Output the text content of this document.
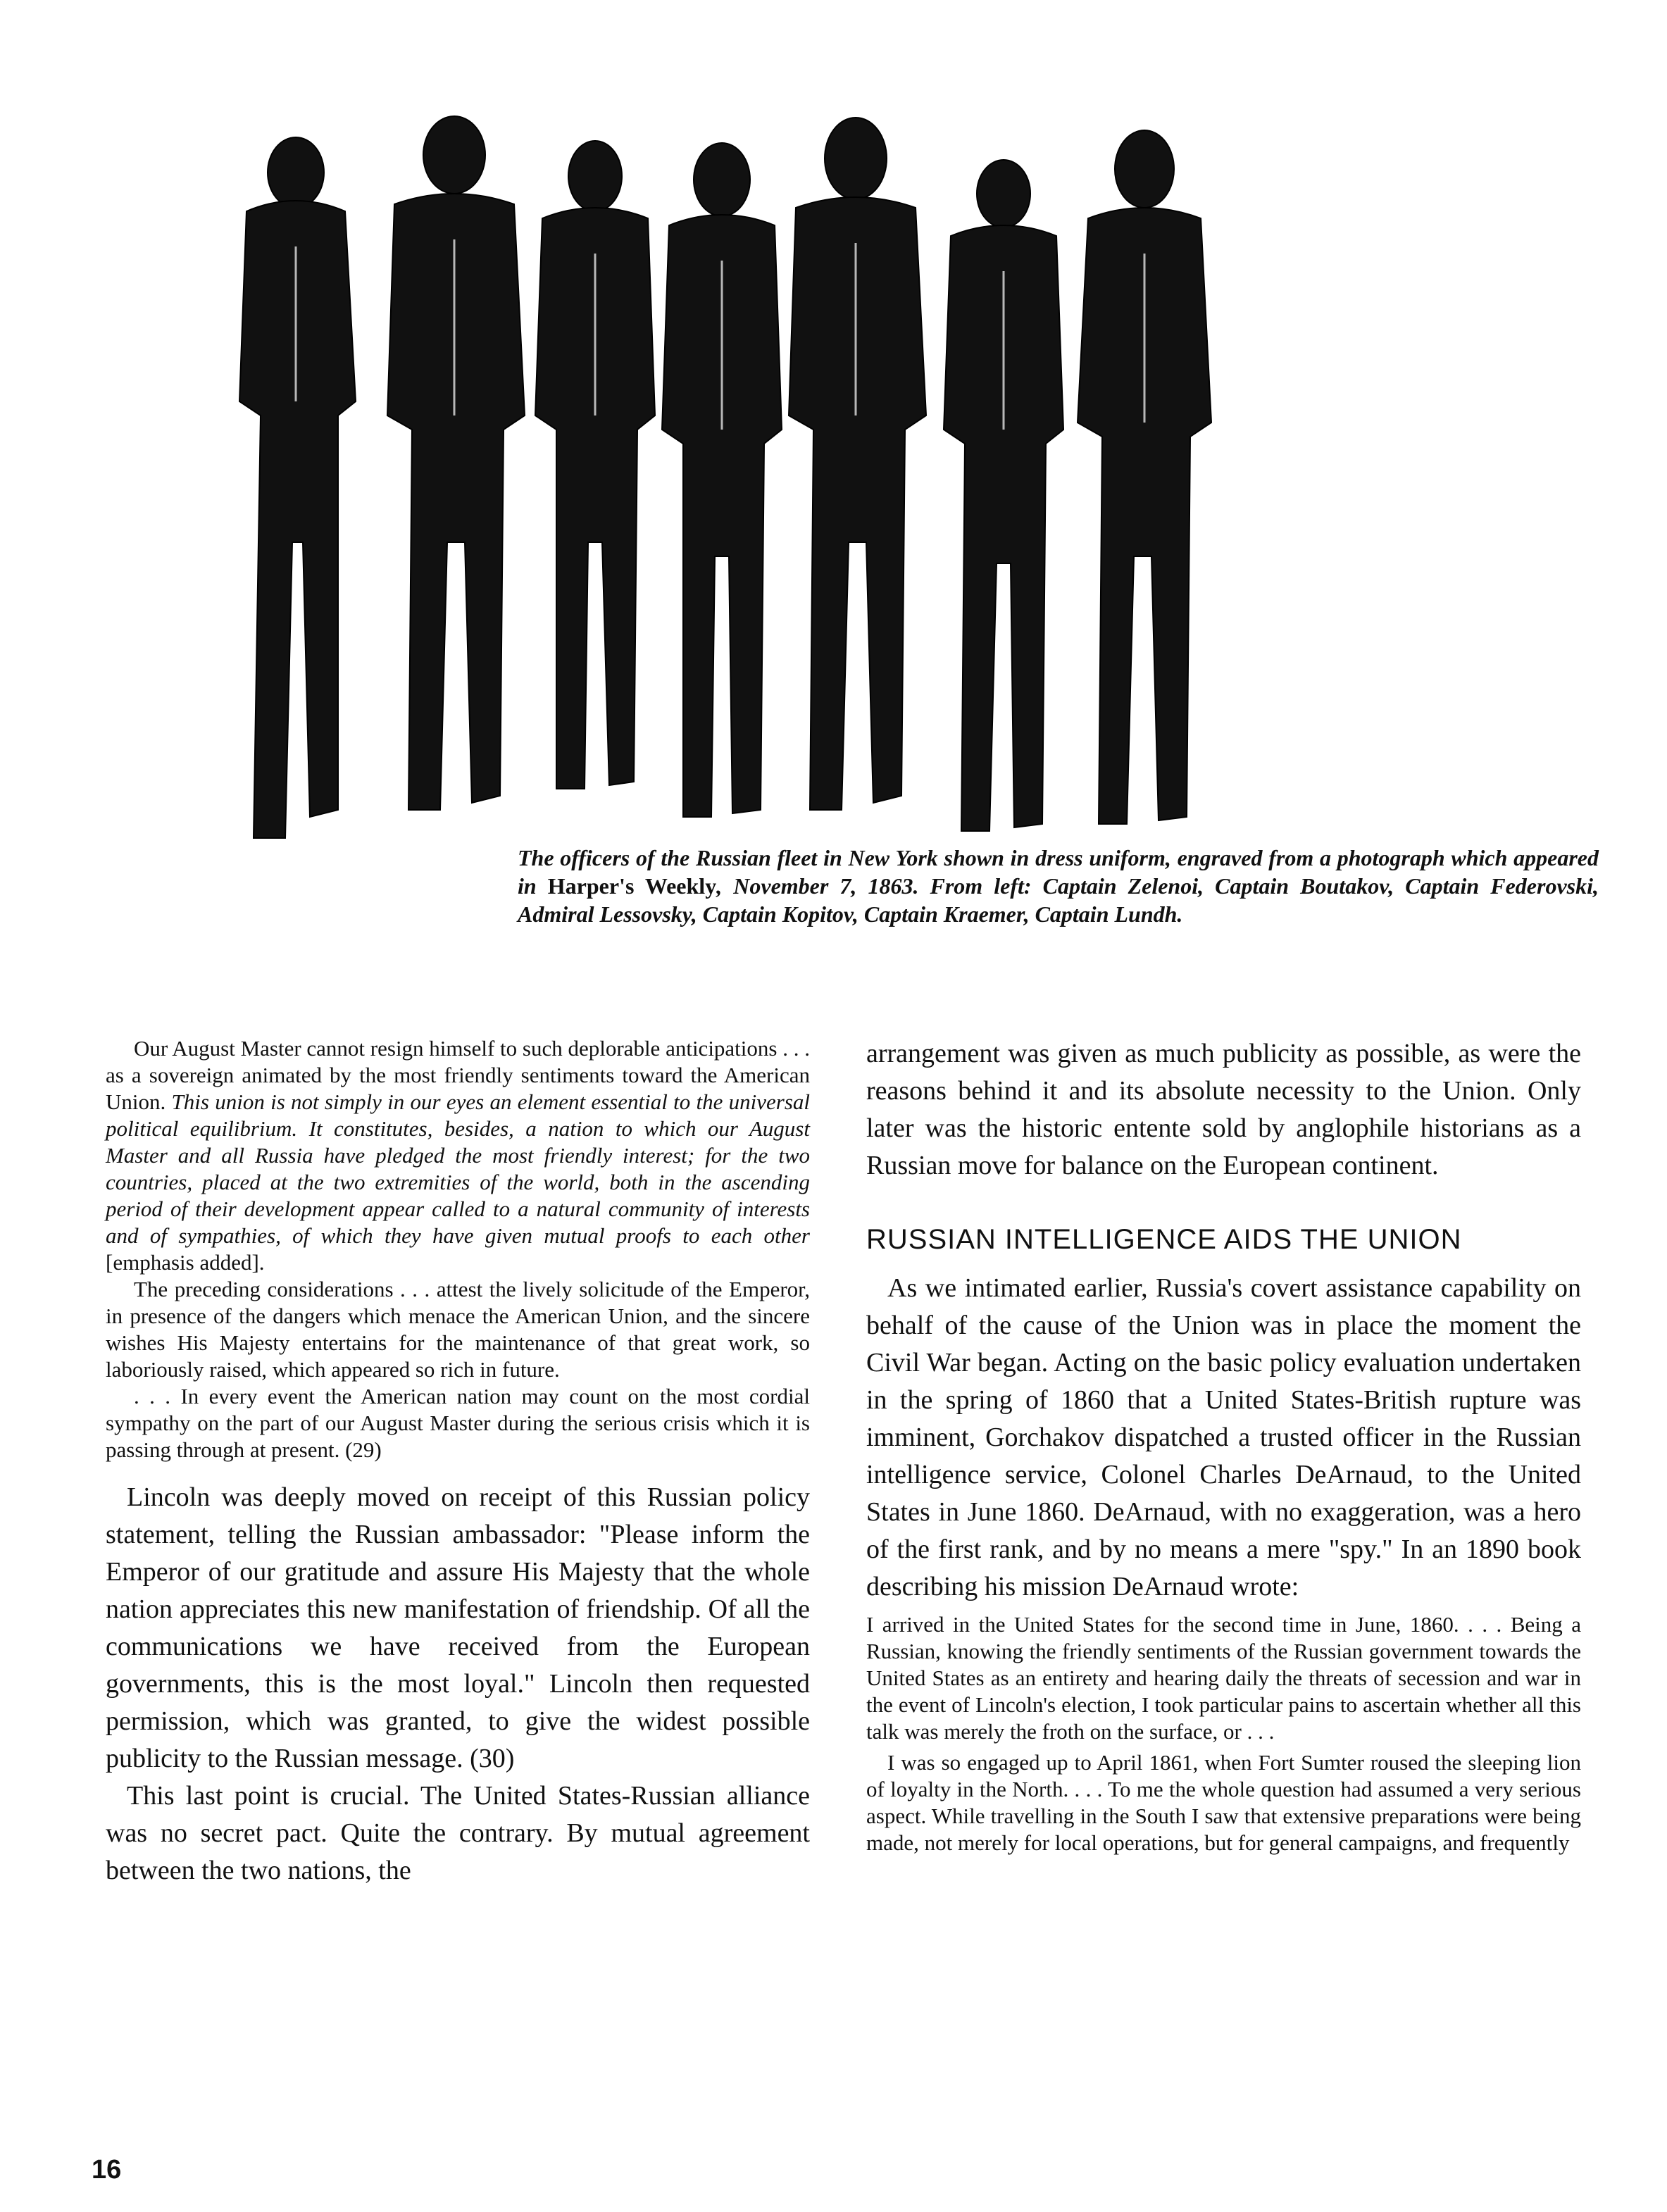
The officers of the Russian fleet in New York shown in dress uniform, engraved from a photograph which appeared in Harper's Weekly, November 7, 1863. From left: Captain Zelenoi, Captain Boutakov, Captain Federovski, Admiral Lessovsky, Captain Kopitov, Captain Kraemer, Captain Lundh.

Our August Master cannot resign himself to such deplorable anticipations . . . as a sovereign animated by the most friendly sentiments toward the American Union. This union is not simply in our eyes an element essential to the universal political equilibrium. It constitutes, besides, a nation to which our August Master and all Russia have pledged the most friendly interest; for the two countries, placed at the two extremities of the world, both in the ascending period of their development appear called to a natural community of interests and of sympathies, of which they have given mutual proofs to each other [emphasis added].

The preceding considerations . . . attest the lively solicitude of the Emperor, in presence of the dangers which menace the American Union, and the sincere wishes His Majesty entertains for the maintenance of that great work, so laboriously raised, which appeared so rich in future.

. . . In every event the American nation may count on the most cordial sympathy on the part of our August Master during the serious crisis which it is passing through at present. (29)

Lincoln was deeply moved on receipt of this Russian policy statement, telling the Russian ambassador: "Please inform the Emperor of our gratitude and assure His Majesty that the whole nation appreciates this new manifestation of friendship. Of all the communications we have received from the European governments, this is the most loyal." Lincoln then requested permission, which was granted, to give the widest possible publicity to the Russian message. (30)

This last point is crucial. The United States-Russian alliance was no secret pact. Quite the contrary. By mutual agreement between the two nations, the

arrangement was given as much publicity as possible, as were the reasons behind it and its absolute necessity to the Union. Only later was the historic entente sold by anglophile historians as a Russian move for balance on the European continent.

RUSSIAN INTELLIGENCE AIDS THE UNION

As we intimated earlier, Russia's covert assistance capability on behalf of the cause of the Union was in place the moment the Civil War began. Acting on the basic policy evaluation undertaken in the spring of 1860 that a United States-British rupture was imminent, Gorchakov dispatched a trusted officer in the Russian intelligence service, Colonel Charles DeArnaud, to the United States in June 1860. DeArnaud, with no exaggeration, was a hero of the first rank, and by no means a mere "spy." In an 1890 book describing his mission DeArnaud wrote:

I arrived in the United States for the second time in June, 1860. . . . Being a Russian, knowing the friendly sentiments of the Russian government towards the United States as an entirety and hearing daily the threats of secession and war in the event of Lincoln's election, I took particular pains to ascertain whether all this talk was merely the froth on the surface, or . . .

I was so engaged up to April 1861, when Fort Sumter roused the sleeping lion of loyalty in the North. . . . To me the whole question had assumed a very serious aspect. While travelling in the South I saw that extensive preparations were being made, not merely for local operations, but for general campaigns, and frequently

16
